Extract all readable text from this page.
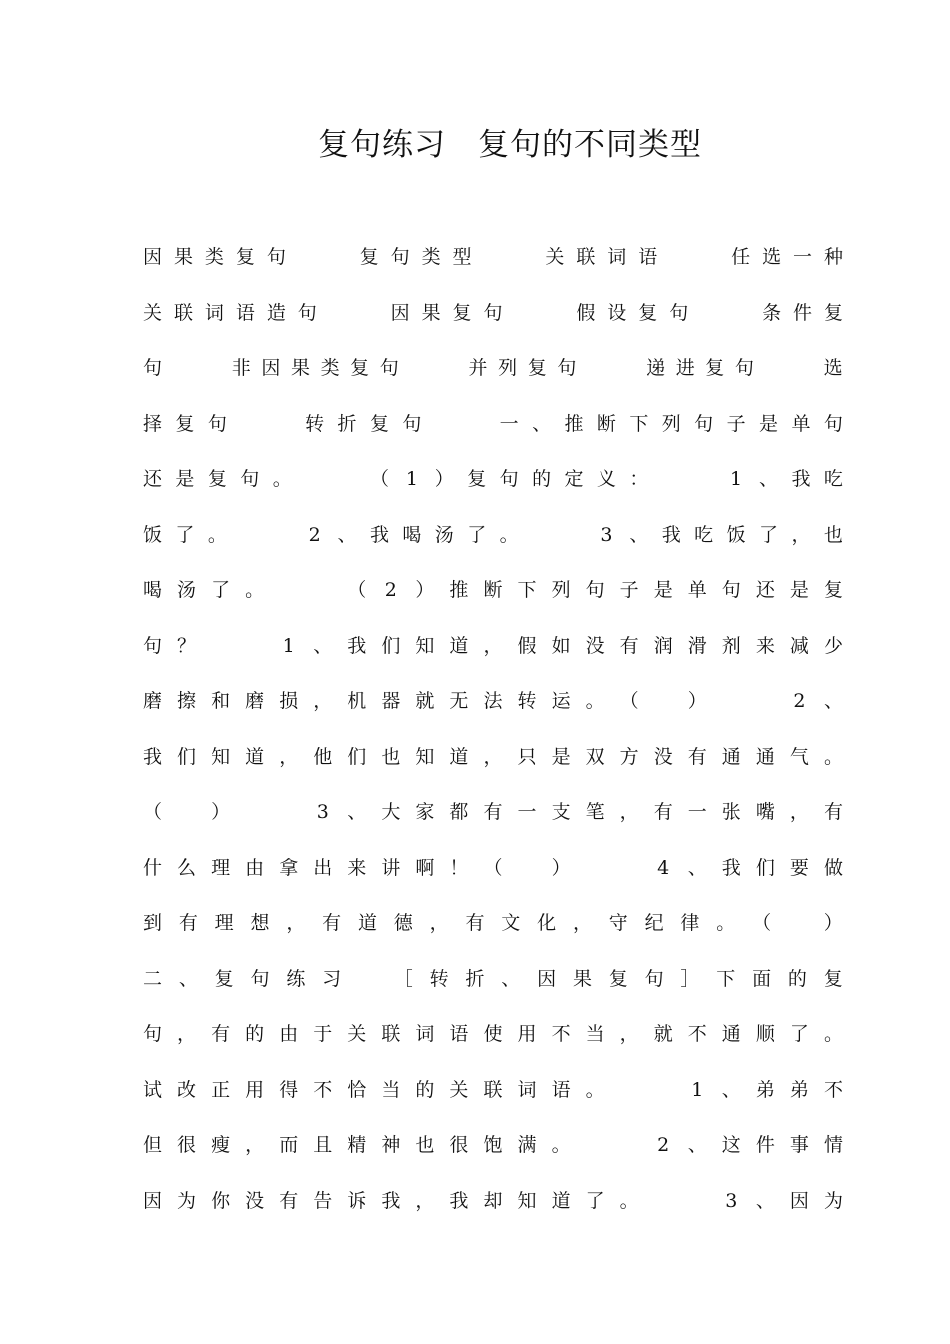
复句练习　复句的不同类型
因 果 类 复 句

　	复 句 类 型

　	关 联 词 语

　	任 选 一 种
关 联 词 语 造 句

　	因 果 复 句

　	假 设 复 句

　	条 件 复
句

　	非 因 果 类 复 句

　	并 列 复 句

　	递 进 复 句

　	选
择 复 句

　	转 折 复 句

　	一 、 推 断 下 列 句 子 是 单 句
还 是 复 句 。

　	（ 1 ） 复 句 的 定 义 ：

　	1 、 我 吃
饭 了 。

　	2 、 我 喝 汤 了 。

　	3 、 我 吃 饭 了 ， 也
喝 汤 了 。

　	（ 2 ） 推 断 下 列 句 子 是 单 句 还 是 复
句 ？

　	1 、 我 们 知 道 ， 假 如 没 有 润 滑 剂 来 减 少
磨 擦 和 磨 损 ， 机 器 就 无 法 转 运 。 （
　	）

　	2 、
我 们 知 道 ， 他 们 也 知 道 ， 只 是 双 方 没 有 通 通 气 。
（
　	）

　	3 、 大 家 都 有 一 支 笔 ， 有 一 张 嘴 ， 有
什 么 理 由 拿 出 来 讲 啊 ！ （
　	）

　	4 、 我 们 要 做
到 有 理 想 ， 有 道 德 ， 有 文 化 ， 守 纪 律 。 （
　	）
二 、 复 句 练 习
　	［ 转 折 、 因 果 复 句 ］ 下 面 的 复
句 ， 有 的 由 于 关 联 词 语 使 用 不 当 ， 就 不 通 顺 了 。
试 改 正 用 得 不 恰 当 的 关 联 词 语 。

　	1 、 弟 弟 不
但 很 瘦 ， 而 且 精 神 也 很 饱 满 。

　	2 、 这 件 事 情
因 为 你 没 有 告 诉 我 ， 我 却 知 道 了 。

　	3 、 因 为
